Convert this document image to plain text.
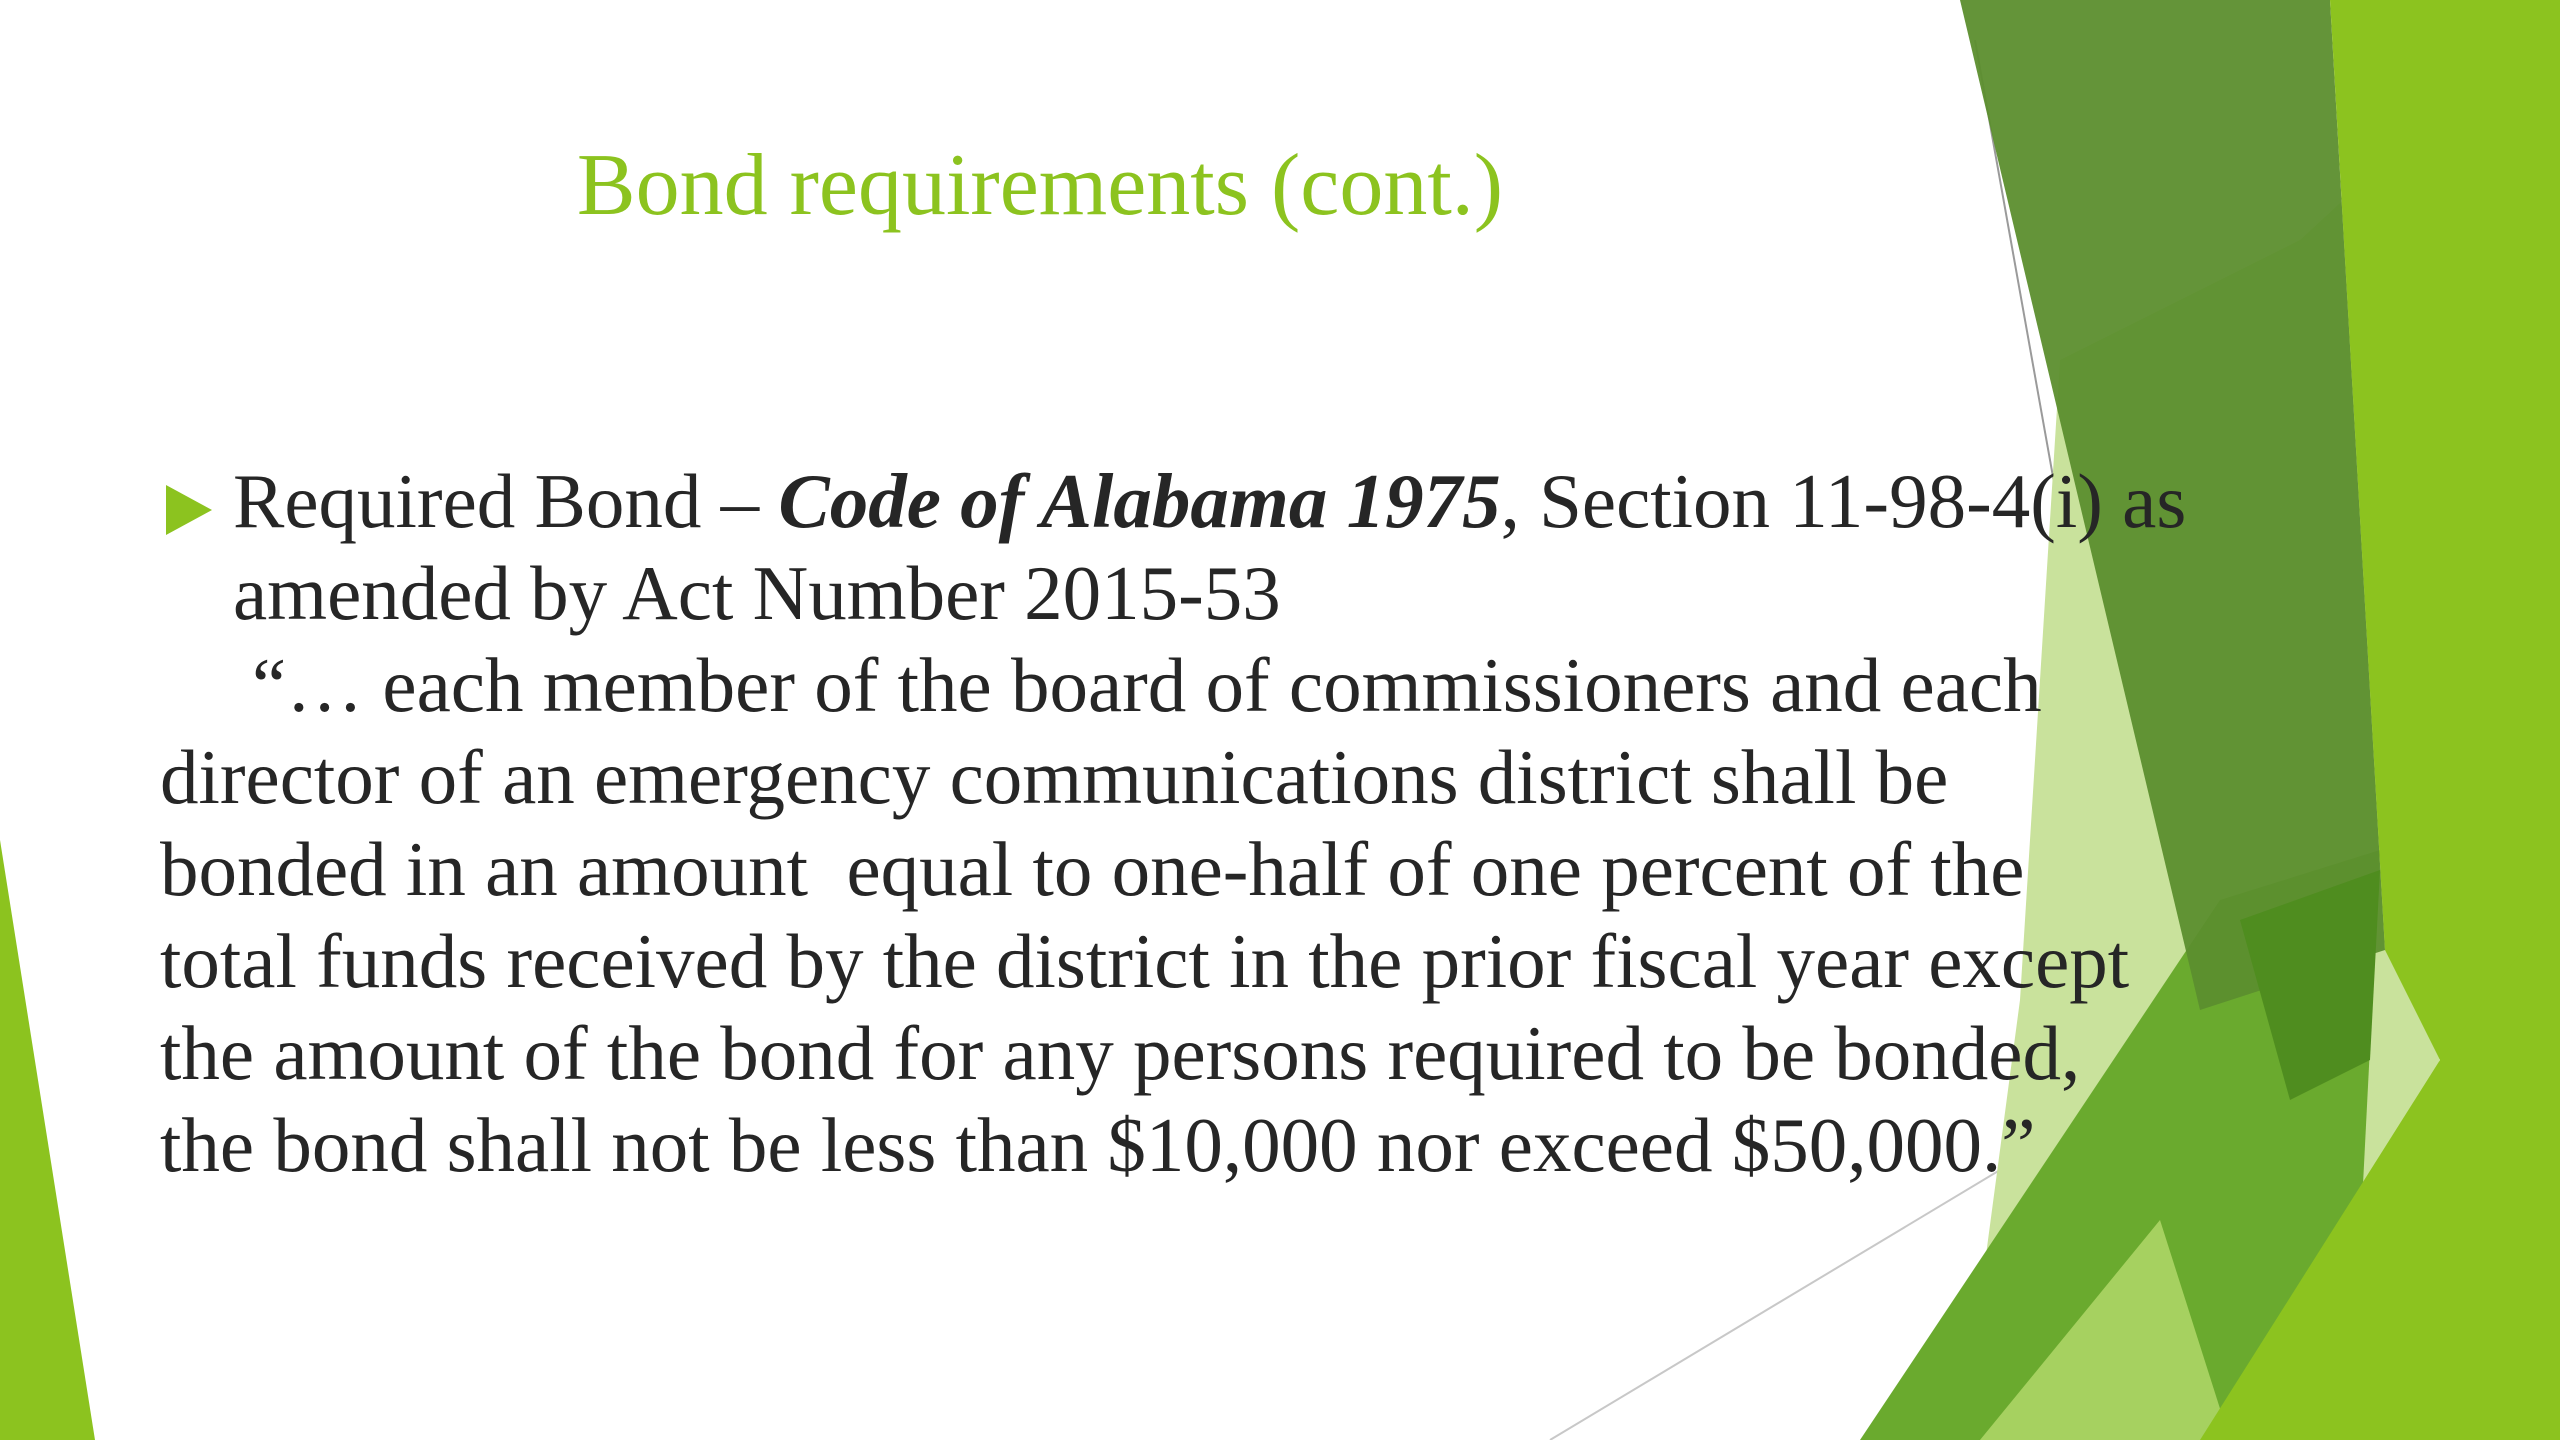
Bond requirements (cont.)
Required Bond – Code of Alabama 1975, Section 11-98-4(i) as
amended by Act Number 2015-53
“… each member of the board of commissioners and each
director of an emergency communications district shall be
bonded in an amount  equal to one-half of one percent of the
total funds received by the district in the prior fiscal year except
the amount of the bond for any persons required to be bonded,
the bond shall not be less than $10,000 nor exceed $50,000.”
